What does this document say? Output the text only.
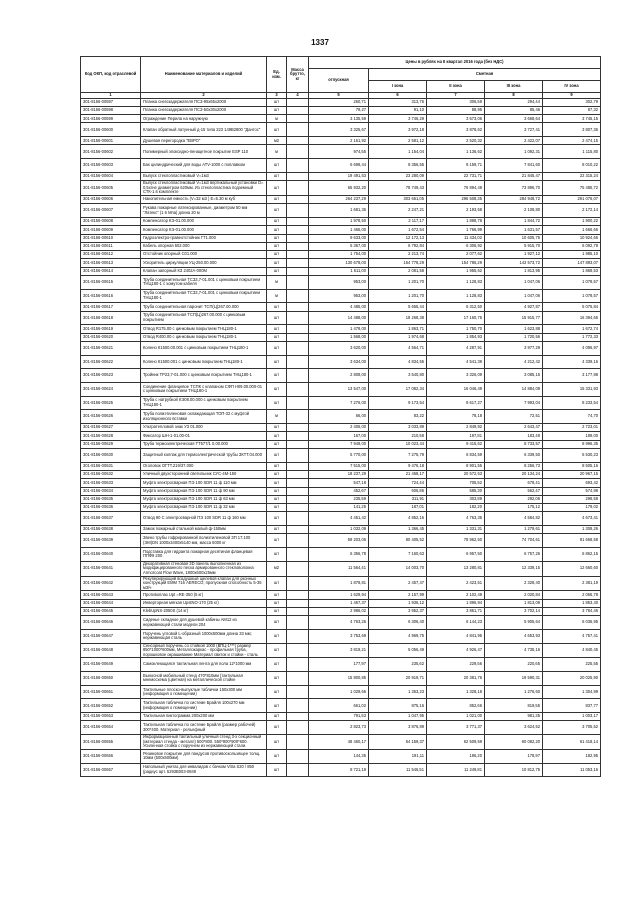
1337
Код ОКП, код отраслевой	Наименование материалов и изделий	Ед. изм.	Масса брутто, кг	Цены в рублях на II квартал 2016 года (без НДС)				
				отпускная	Сметная			
					I зона	II зона	III зона	IV зона
1	2	3	4	5	6	7	8	9
301-8156-00597	Планка снегозадержателя ПСЗ-95х65х2000	шт		260,71	313,76	306,59	294,44	302,79
301-8156-00598	Планка снегозадержателя ПСЗ-50х30х2000	шт		79,27	91,10	88,95	85,46	87,32
301-8156-00599	Ограждение Перила на наружную	м		3 135,59	3 746,29	3 573,06	3 668,64	3 745,15
301-8156-00600	Клапан обратный латунный д-15 типа 223 149В2800 "Дантос"	шт		3 325,67	3 972,18	3 878,62	3 727,41	3 807,36
301-8156-00601	Душевая перегородка "ЕВРО"	м2		2 161,92	2 581,12	2 520,32	2 422,07	2 474,15
301-8156-00602	Полимерный эпоксидно-пенацетное покрытие ESP 110	м		974,55	1 164,04	1 136,62	1 092,31	1 115,80
301-8156-00603	Бак цилиндрический для воды ATV-1000 с поплавком	шт		6 698,44	8 356,55	8 159,71	7 841,60	8 010,22
301-8156-00604	Выпуск стеклопластиковый V=1м3	шт		19 491,53	23 280,09	22 731,71	21 845,47	22 315,24
301-8156-00605	Выпуск стеклопластиковый V=1м3 вертикальный установки D= 0,5хгне диаметром 620мм. Из стеклопластика подземный СТК-1 в комплекте	шт		65 932,20	78 749,43	76 894,49	73 896,70	75 485,72
301-8156-00606	Накопительная емкость (V=32 м3 ) Е=5.30 м куб	шт		264 237,29	303 661,05	296 508,35	284 948,72	291 076,07
301-8156-00607	Рукава пожарные латексированные, диаметром 50 мм "Латекс" (1 6 Мпа) длина 20 м	шт		1 681,36	2 247,21	2 193,58	2 108,80	2 172,14
301-8156-00608	Компенсатор КЭ-01.00.000	шт		1 978,50	2 117,17	1 898,78	1 844,72	1 900,22
301-8156-00609	Компенсатор КЭ-01.00.000	шт		1 465,00	1 672,54	1 766,99	1 631,57	1 666,66
301-8156-00610	Гидроэлектро-гравеотстойник ГТ1.000	шт		9 633,00	12 172,13	11 434,02	10 605,75	10 924,66
301-8156-00611	Кабель опорная 502.000	шт		5 367,00	6 792,84	6 306,92	5 915,70	6 092,78
301-8156-00612	Отстойник опорный С01.000	шт		1 754,00	2 213,74	2 077,62	1 927,12	1 985,10
301-8156-00613	Ускоритель циркуляции УЦ-250.00.000	шт		130 678,00	164 778,29	154 786,29	143 573,72	147 893,07
301-8156-00614	Клапан запорный КЗ 2402А-000М	шт		1 611,00	2 081,58	1 955,62	1 813,95	1 868,53
301-8156-00615	Труба соединительная ТСЗ3,7-01.001 с цинковым покрытием ТНЦ180-1 с хомутом кабеля	м		953,00	1 201,70	1 128,83	1 047,06	1 078,57
301-8156-00616	Труба соединительная ТСЗ3,7-01.001 с цинковым покрытием ТНЦ180-1	м		953,00	1 201,70	1 128,83	1 047,06	1 078,57
301-8156-00617	Труба соединительная паронит ТСП(Ц)267.00.000	шт		4 485,00	5 655,44	5 312,50	4 927,87	5 075,84
301-8156-00618	Труба соединительная ТСП(Ц)267.00.000 с цинковым покрытием	шт		14 488,00	18 268,38	17 160,75	15 915,77	16 394,65
301-8156-00619	Отвод R175.00 с цинковым покрытием ТНЦ180-1	шт		1 478,00	1 863,71	1 750,70	1 623,88	1 672,74
301-8156-00620	Отвод R400.00 с цинковым покрытием ТНЦ180-1	шт		1 568,00	1 974,68	1 854,93	1 720,56	1 772,33
301-8156-00621	Колено К1500.00.001 с цинковым покрытием ТНЦ180-1	шт		3 620,00	4 564,71	4 287,91	3 977,29	4 096,97
301-8156-00622	Колено К1500.001 с цинковым покрытием ТНЦ180-1	шт		3 634,00	4 834,55	4 541,39	4 212,42	4 339,16
301-8156-00623	Тройник ТР23,7-01.000 с цинковым покрытием ТНЦ180-1	шт		2 808,00	3 540,80	3 326,09	3 085,15	3 177,98
301-8156-00624	Соединение фланцевое ТСПК с клапаном СФП Н09.00.000-01 с цинковым покрытием ТНЦ180-1	шт		13 547,00	17 082,34	16 046,49	14 884,09	15 331,93
301-8156-00625	Труба с натрубкой КЭ08.00.000 с цинковым покрытием ТНЦ180-1	шт		7 276,00	9 173,54	8 617,27	7 993,04	8 233,54
301-8156-00626	Труба полиэтиленовая охлаждающая ТОП-32 с муфтой изоляционного вставки	м		66,00	83,22	78,18	72,51	74,70
301-8156-00627	Ультратепловой знак УЗ 01.000	шт		2 406,00	3 033,89	2 849,92	2 643,47	2 723,01
301-8156-00628	Фиксатор ШН-1-01.00-01	шт		167,00	210,58	197,81	183,48	189,00
301-8156-00629	Труба термоэлектрическая ТТ577/1 0.00.000	шт		7 949,00	10 023,44	9 415,62	8 733,57	8 996,35
301-8156-00630	Защитный колпак для термоэлектрической трубы ЗКТТ.04.000	шт		5 770,00	7 275,79	6 834,59	6 339,50	6 530,23
301-8156-00631	Оголовок ОГТТ.219/37.000	шт		7 515,00	9 476,18	8 901,55	8 256,73	8 505,16
301-8156-00632	Уличный двухсторонний светильник СУС-4М-150	шт		18 237,29	21 468,17	20 572,53	20 134,24	20 967,15
301-8156-00633	Муфта электросварная ПЭ 100 SDR 11 ф 110 мм	шт		547,18	724,44	705,52	678,41	693,42
301-8156-00634	Муфта электросварная ПЭ 100 SDR 11 ф 90 мм	шт		452,67	606,86	585,30	562,47	574,98
301-8156-00635	Муфта электросварная ПЭ 100 SDR 11 ф 63 мм	шт		235,59	311,91	303,89	292,06	298,58
301-8156-00636	Муфта электросварная ПЭ 100 SDR 11 ф 32 мм	шт		141,25	187,01	182,20	175,12	179,02
301-8156-00637	Отвод 90 С электросварной ПЭ 100 SDR 11 ф 160 мм	шт		4 451,42	4 852,16	4 763,35	4 584,82	4 673,41
301-8156-00638	Замок пожарный стальной малый ф-150мм	шт		1 032,09	1 366,45	1 331,31	1 279,61	1 308,26
301-8156-00639	Звено трубы гофрированной полиэтиленовой ЗП 17.100 (ЭМ)DN 1000х3400х5140 мм, масса 6000 кг	шт		59 203,06	80 405,52	78 962,50	74 704,61	81 668,58
301-8156-00640	Подставка для гидранта пожарная десятиная фланцевая ППФ9 200	шт		6 356,78	7 160,63	6 957,50	6 757,26	6 862,15
301-8156-00641	Декоративная стеновая 3D панель выполненная из модифицированного песка армированного стекловолокна Armorcoat Flow Wave, 1800х600х25мм	м2		11 564,41	14 003,70	13 280,81	12 339,15	12 660,60
301-8156-00642	Рекуперирующий воздушный щелевой клапан для оконных конструкций ЕММ 716 AERECO; пропускная способность 5-35 м3/ч	шт		1 878,81	2 457,47	2 423,51	2 328,40	2 381,19
301-8156-00643	Противоплаз Upt =RE-350 (5 кг)	шт		1 629,94	2 157,99	2 102,49	2 020,84	2 065,78
301-8156-00644	Инверторная мягкая UpstNO-170 (25 кг)	шт		1 467,37	1 936,12	1 896,94	1 813,09	1 853,40
301-8156-00645	KlebUpNS-2050S (14 кг)	шт		2 986,02	3 952,37	3 851,71	3 702,14	3 784,46
301-8156-00646	Сиденье складное для душевой кабины AM12 из нержавеющей стали модели 204	шт		4 763,26	6 306,40	6 144,23	5 905,64	6 036,95
301-8156-00647	Поручень угловой L-образный 1000х500мм длина 33 мм; нержавеющая сталь	шт		3 753,69	4 969,75	4 841,95	4 653,93	4 757,41
301-8156-00648	Сенсорный поручень со стойкой 1000 (ВПЦ-1***) размер 850*1000*600мм, Металлокаркас - профильная труба, порошковое окрашивание Материал свиток и стойки - сталь	шт		3 819,21	5 056,49	4 926,47	4 735,16	4 840,45
301-8156-00649	Самоклеющаяся тактильная лента для пола 12*1000 мм	шт		177,97	235,62	229,56	220,65	225,55
301-8156-00650	Выносной мобильный стенд 470*810мм (тактильная мнемосхема (цветная) на металлической стойке	шт		15 800,85	20 919,71	20 381,76	19 590,31	20 025,90
301-8156-00651	Тактильные плоско-выпуклые таблички 150х300 мм (информация о помещении)	шт		1 029,66	1 363,23	1 328,18	1 276,60	1 304,99
301-8156-00652	Тактильная табличка по системе Брайля 100х270 мм (информация о помещении)	шт		661,02	875,16	852,66	819,55	837,77
301-8156-00653	Тактильная пиктограмма 200х200 мм	шт		791,53	1 047,95	1 021,00	981,35	1 003,17
301-8156-00654	Тактильная табличка по системе Брайля (размер рабочей) 300*400. Материал - рельефный	шт		2 823,73	3 876,89	3 771,37	3 624,52	3 705,52
301-8156-00655	Информационный тактильный уличный стенд 3-х секционный (материал стенда - металл) 500*800. 550*800*900*600. Усиленная стойка с поручнем из нержавеющей стали.	шт		48 460,17	64 159,37	62 509,59	60 082,20	61 418,14
301-8156-00656	Резиновое покрытие для пандусов противоскользящее толщ. 10мм (500х500мм)	шт		144,35	191,11	186,20	178,97	182,95
301-8156-00657	Напольный унитаз для инвалидов с бачком Vitra S20 / 850 (радиус арт. 5293В003-0849	шт		8 721,19	11 546,51	11 249,81	10 812,75	11 053,16
